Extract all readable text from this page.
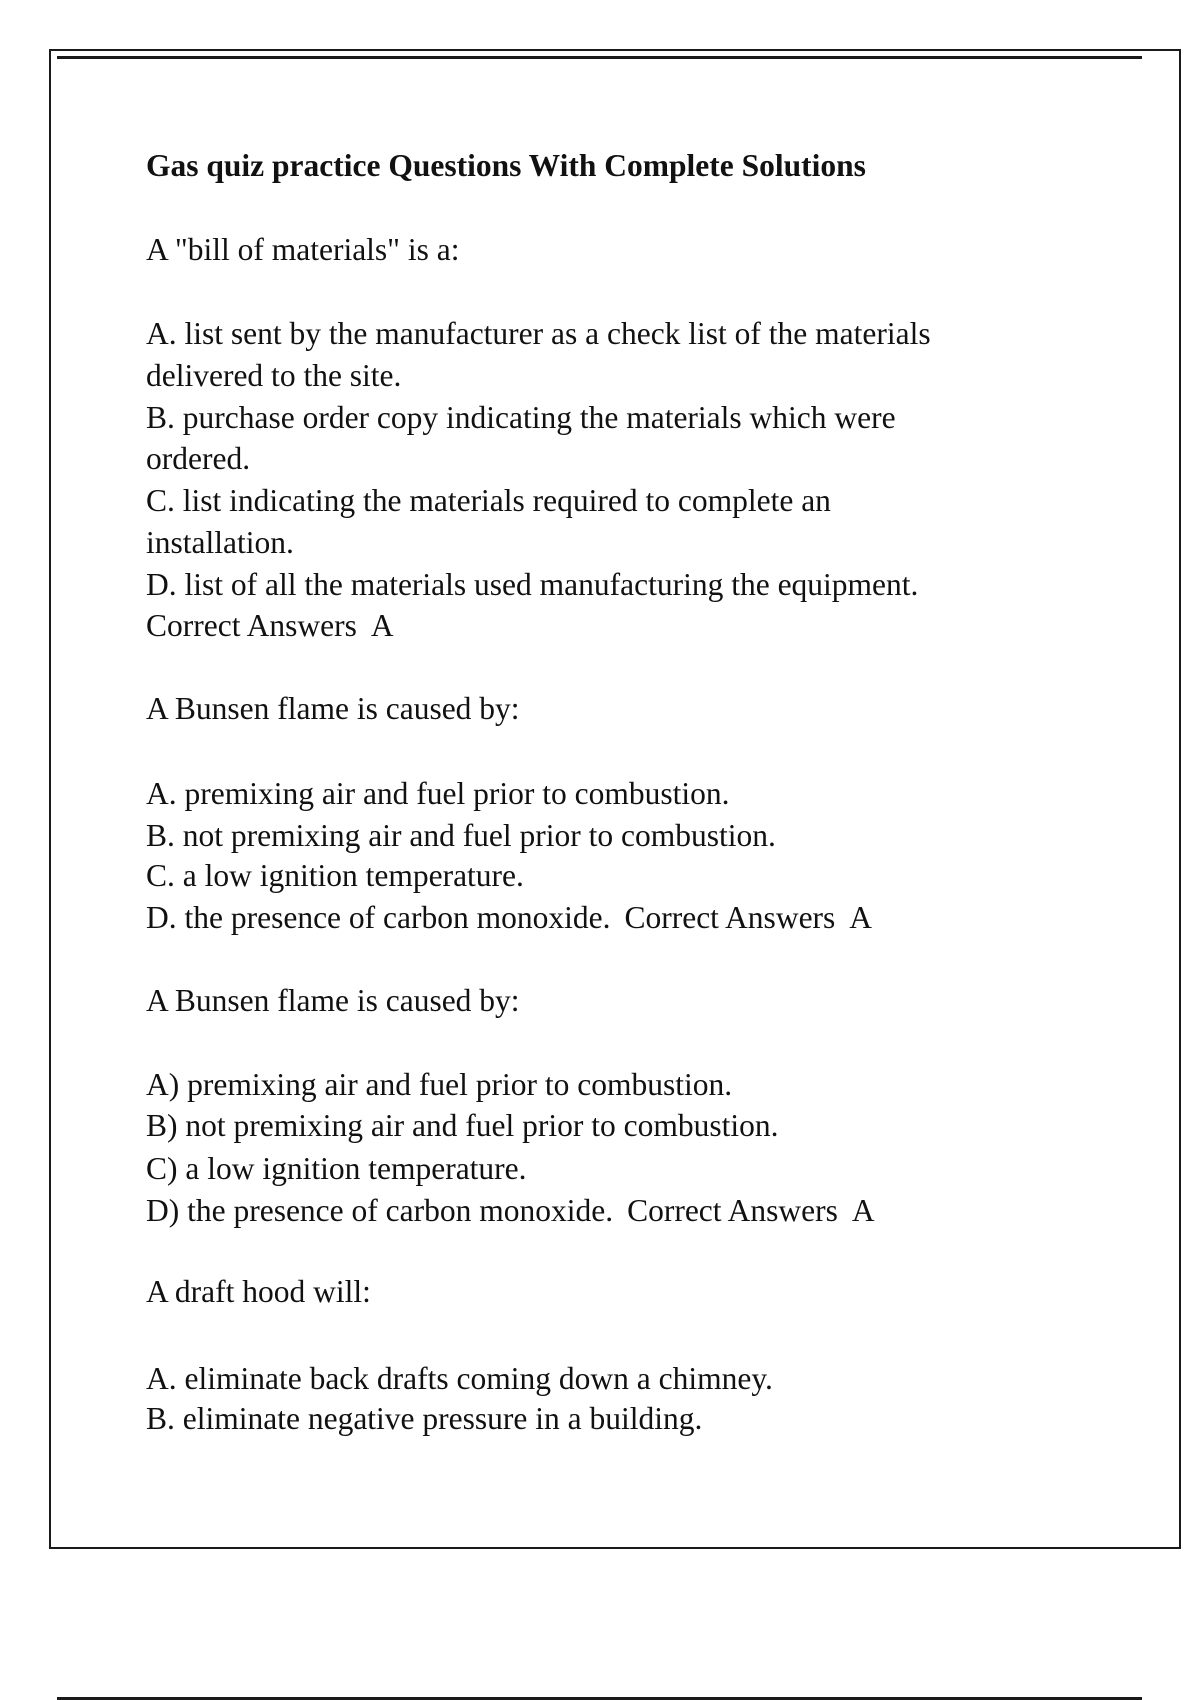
Gas quiz practice Questions With Complete Solutions
A "bill of materials" is a:
A. list sent by the manufacturer as a check list of the materials
delivered to the site.
B. purchase order copy indicating the materials which were
ordered.
C. list indicating the materials required to complete an
installation.
D. list of all the materials used manufacturing the equipment.
Correct Answers A
A Bunsen flame is caused by:
A. premixing air and fuel prior to combustion.
B. not premixing air and fuel prior to combustion.
C. a low ignition temperature.
D. the presence of carbon monoxide. Correct Answers A
A Bunsen flame is caused by:
A) premixing air and fuel prior to combustion.
B) not premixing air and fuel prior to combustion.
C) a low ignition temperature.
D) the presence of carbon monoxide. Correct Answers A
A draft hood will:
A. eliminate back drafts coming down a chimney.
B. eliminate negative pressure in a building.
